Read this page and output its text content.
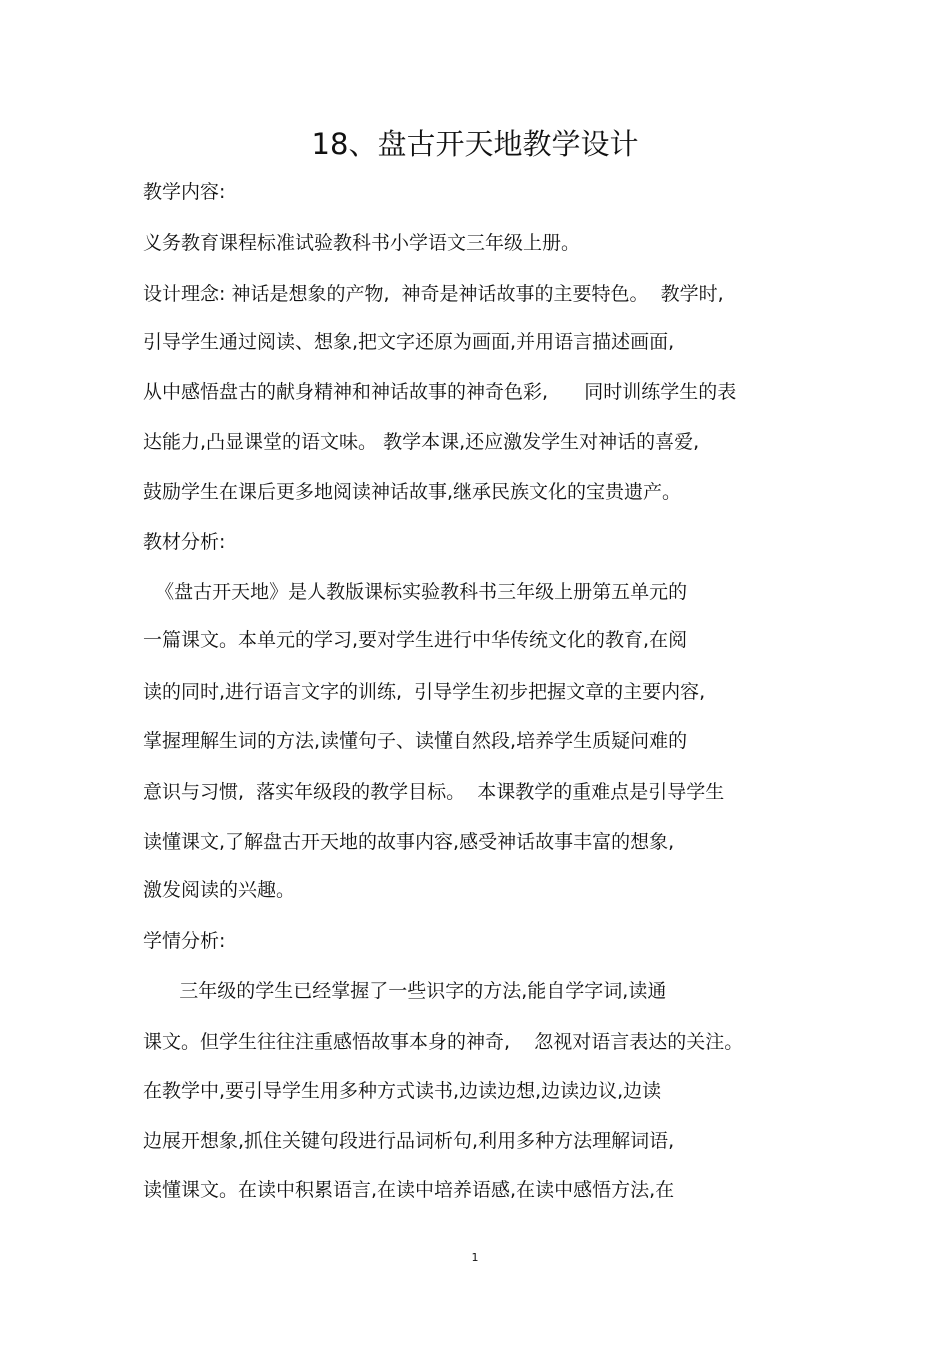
18、盘古开天地教学设计
教学内容:
义务教育课程标准试验教科书小学语文三年级上册。
设计理念: 神话是想象的产物,  神奇是神话故事的主要特色。  教学时,
引导学生通过阅读、想象,把文字还原为画面,并用语言描述画面,
从中感悟盘古的献身精神和神话故事的神奇色彩,      同时训练学生的表
达能力,凸显课堂的语文味。 教学本课,还应激发学生对神话的喜爱,
鼓励学生在课后更多地阅读神话故事,继承民族文化的宝贵遗产。
教材分析:
《盘古开天地》是人教版课标实验教科书三年级上册第五单元的
一篇课文。本单元的学习,要对学生进行中华传统文化的教育,在阅
读的同时,进行语言文字的训练,  引导学生初步把握文章的主要内容,
掌握理解生词的方法,读懂句子、读懂自然段,培养学生质疑问难的
意识与习惯,  落实年级段的教学目标。  本课教学的重难点是引导学生
读懂课文,了解盘古开天地的故事内容,感受神话故事丰富的想象,
激发阅读的兴趣。
学情分析:
三年级的学生已经掌握了一些识字的方法,能自学字词,读通
课文。但学生往往注重感悟故事本身的神奇,    忽视对语言表达的关注。
在教学中,要引导学生用多种方式读书,边读边想,边读边议,边读
边展开想象,抓住关键句段进行品词析句,利用多种方法理解词语,
读懂课文。在读中积累语言,在读中培养语感,在读中感悟方法,在
1
